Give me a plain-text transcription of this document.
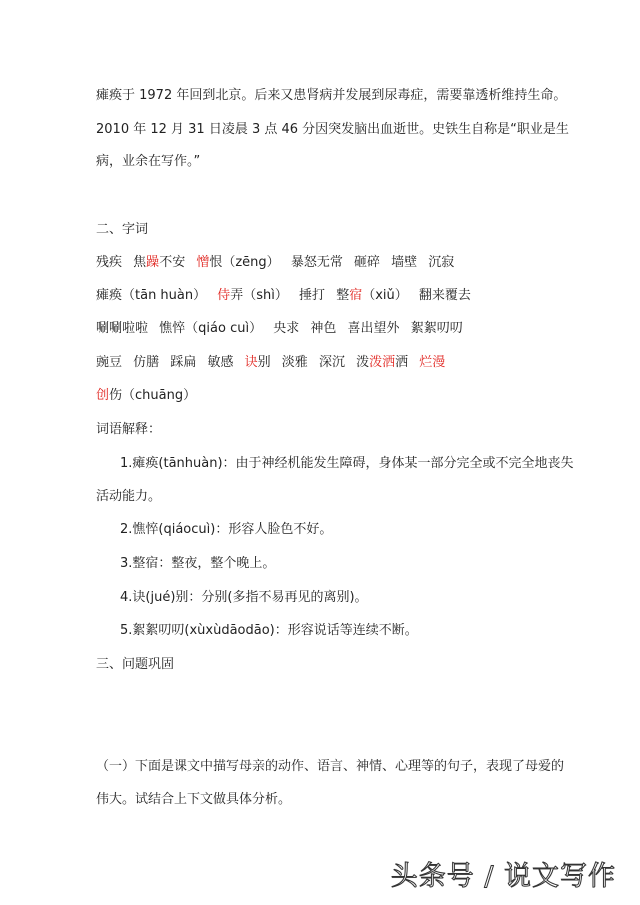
瘫痪于 1972 年回到北京。后来又患肾病并发展到尿毒症，需要靠透析维持生命。
2010 年 12 月 31 日凌晨 3 点 46 分因突发脑出血逝世。史铁生自称是“职业是生
病，业余在写作。”
二、字词
残疾 焦躁不安 憎恨（zēng） 暴怒无常 砸碎 墙壁 沉寂
瘫痪（tān huàn） 侍弄（shì） 捶打 整宿（xiǔ） 翻来覆去
唰唰啦啦 憔悴（qiáo cuì） 央求 神色 喜出望外 絮絮叨叨
豌豆 仿膳 踩扁 敏感 诀别 淡雅 深沉 泼泼洒洒 烂漫
创伤（chuāng）
词语解释：
1.瘫痪(tānhuàn)：由于神经机能发生障碍，身体某一部分完全或不完全地丧失
活动能力。
2.憔悴(qiáocuì)：形容人脸色不好。
3.整宿：整夜，整个晚上。
4.诀(jué)别：分别(多指不易再见的离别)。
5.絮絮叨叨(xùxùdāodāo)：形容说话等连续不断。
三、问题巩固
（一）下面是课文中描写母亲的动作、语言、神情、心理等的句子，表现了母爱的
伟大。试结合上下文做具体分析。
头条号 / 说文写作
